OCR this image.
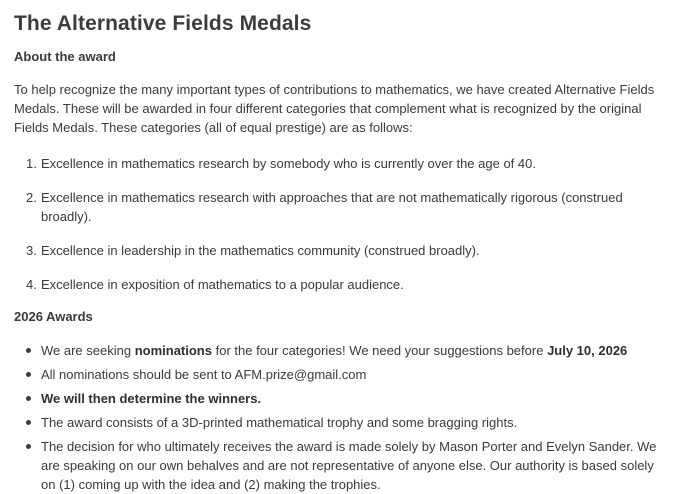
The Alternative Fields Medals
About the award

To help recognize the many important types of contributions to mathematics, we have created Alternative Fields Medals. These will be awarded in four different categories that complement what is recognized by the original Fields Medals. These categories (all of equal prestige) are as follows:

1. Excellence in mathematics research by somebody who is currently over the age of 40.
2. Excellence in mathematics research with approaches that are not mathematically rigorous (construed broadly).
3. Excellence in leadership in the mathematics community (construed broadly).
4. Excellence in exposition of mathematics to a popular audience.
2026 Awards
We are seeking nominations for the four categories! We need your suggestions before July 10, 2026
All nominations should be sent to AFM.prize@gmail.com
We will then determine the winners.
The award consists of a 3D-printed mathematical trophy and some bragging rights.
The decision for who ultimately receives the award is made solely by Mason Porter and Evelyn Sander. We are speaking on our own behalves and are not representative of anyone else. Our authority is based solely on (1) coming up with the idea and (2) making the trophies.
